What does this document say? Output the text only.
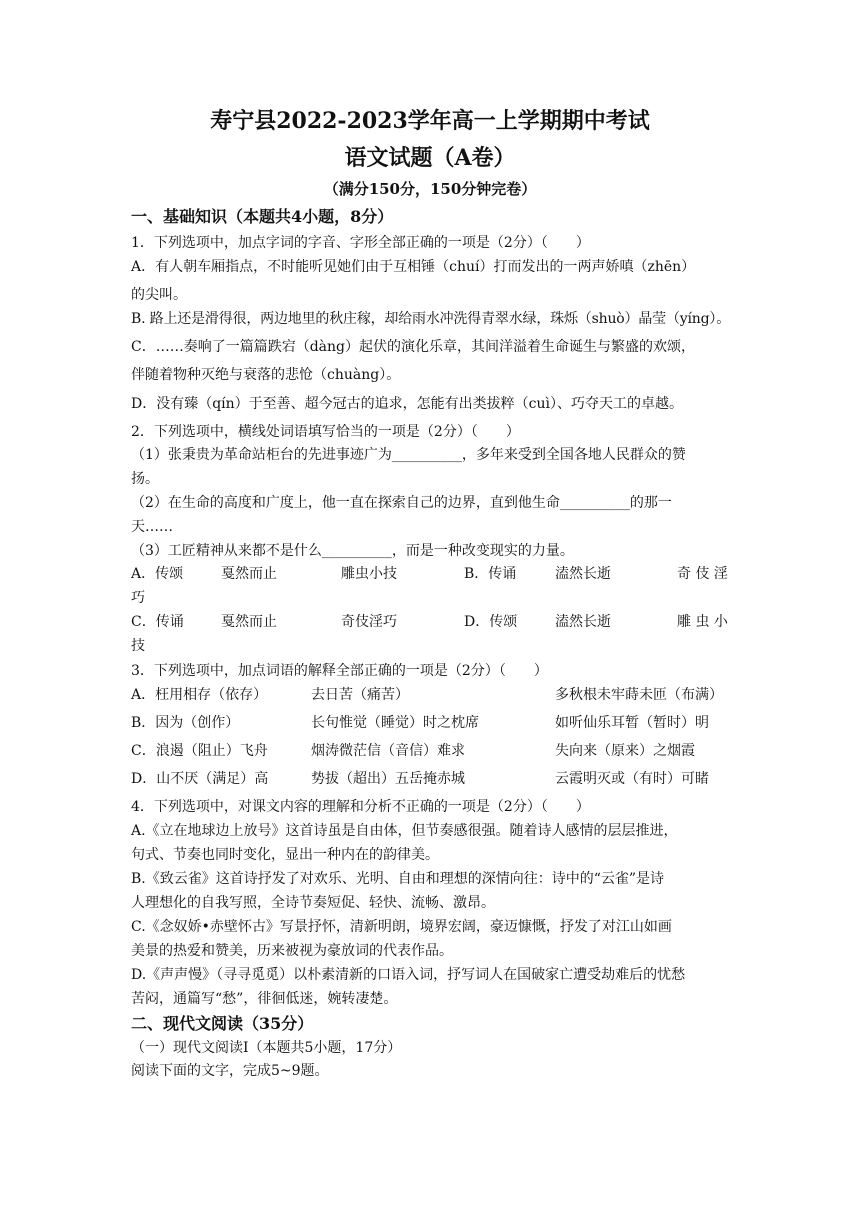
寿宁县2022-2023学年高一上学期期中考试
语文试题（A卷）
（满分150分，150分钟完卷）
一、基础知识（本题共4小题，8分）
1．下列选项中，加点字词的字音、字形全部正确的一项是（2分）（　　）
A．有人朝车厢指点，不时能听见她们由于互相锤（chuí）打而发出的一两声娇嗔（zhēn）
的尖叫。
B. 路上还是滑得很，两边地里的秋庄稼，却给雨水冲洗得青翠水绿，珠烁（shuò）晶莹（yíng）。
C．……奏响了一篇篇跌宕（dàng）起伏的演化乐章，其间洋溢着生命诞生与繁盛的欢颂，
伴随着物种灭绝与衰落的悲怆（chuàng）。
D．没有臻（qín）于至善、超今冠古的追求，怎能有出类拔粹（cuì）、巧夺天工的卓越。
2．下列选项中，横线处词语填写恰当的一项是（2分）（　　）
（1）张秉贵为革命站柜台的先进事迹广为__________，多年来受到全国各地人民群众的赞
扬。
（2）在生命的高度和广度上，他一直在探索自己的边界，直到他生命__________的那一
天……
（3）工匠精神从来都不是什么__________，而是一种改变现实的力量。
A．传颂	戛然而止	雕虫小技	B．传诵	溘然长逝	奇 伎 淫
巧
C．传诵	戛然而止	奇伎淫巧	D．传颂	溘然长逝	雕 虫 小
技
3．下列选项中，加点词语的解释全部正确的一项是（2分）（　　）
A．枉用相存（依存）	去日苦（痛苦）	多秋根未牢蒔未匝（布满）
B．因为（创作）	长句惟觉（睡觉）时之枕席	如听仙乐耳暂（暂时）明
C．浪遏（阻止）飞舟	烟涛微茫信（音信）难求	失向来（原来）之烟霞
D．山不厌（满足）高	势拔（超出）五岳掩赤城	云霞明灭或（有时）可睹
4．下列选项中，对课文内容的理解和分析不正确的一项是（2分）（　　）
A.《立在地球边上放号》这首诗虽是自由体，但节奏感很强。随着诗人感情的层层推进，
句式、节奏也同时变化，显出一种内在的韵律美。
B.《致云雀》这首诗抒发了对欢乐、光明、自由和理想的深情向往：诗中的“云雀”是诗
人理想化的自我写照，全诗节奏短促、轻快、流畅、激昂。
C.《念奴娇•赤壁怀古》写景抒怀，清新明朗，境界宏阔，豪迈慷慨，抒发了对江山如画
美景的热爱和赞美，历来被视为豪放词的代表作品。
D.《声声慢》（寻寻觅觅）以朴素清新的口语入词，抒写词人在国破家亡遭受劫难后的忧愁
苦闷，通篇写“愁”，徘徊低迷，婉转凄楚。
二、现代文阅读（35分）
（一）现代文阅读Ⅰ（本题共5小题，17分）
阅读下面的文字，完成5~9题。
